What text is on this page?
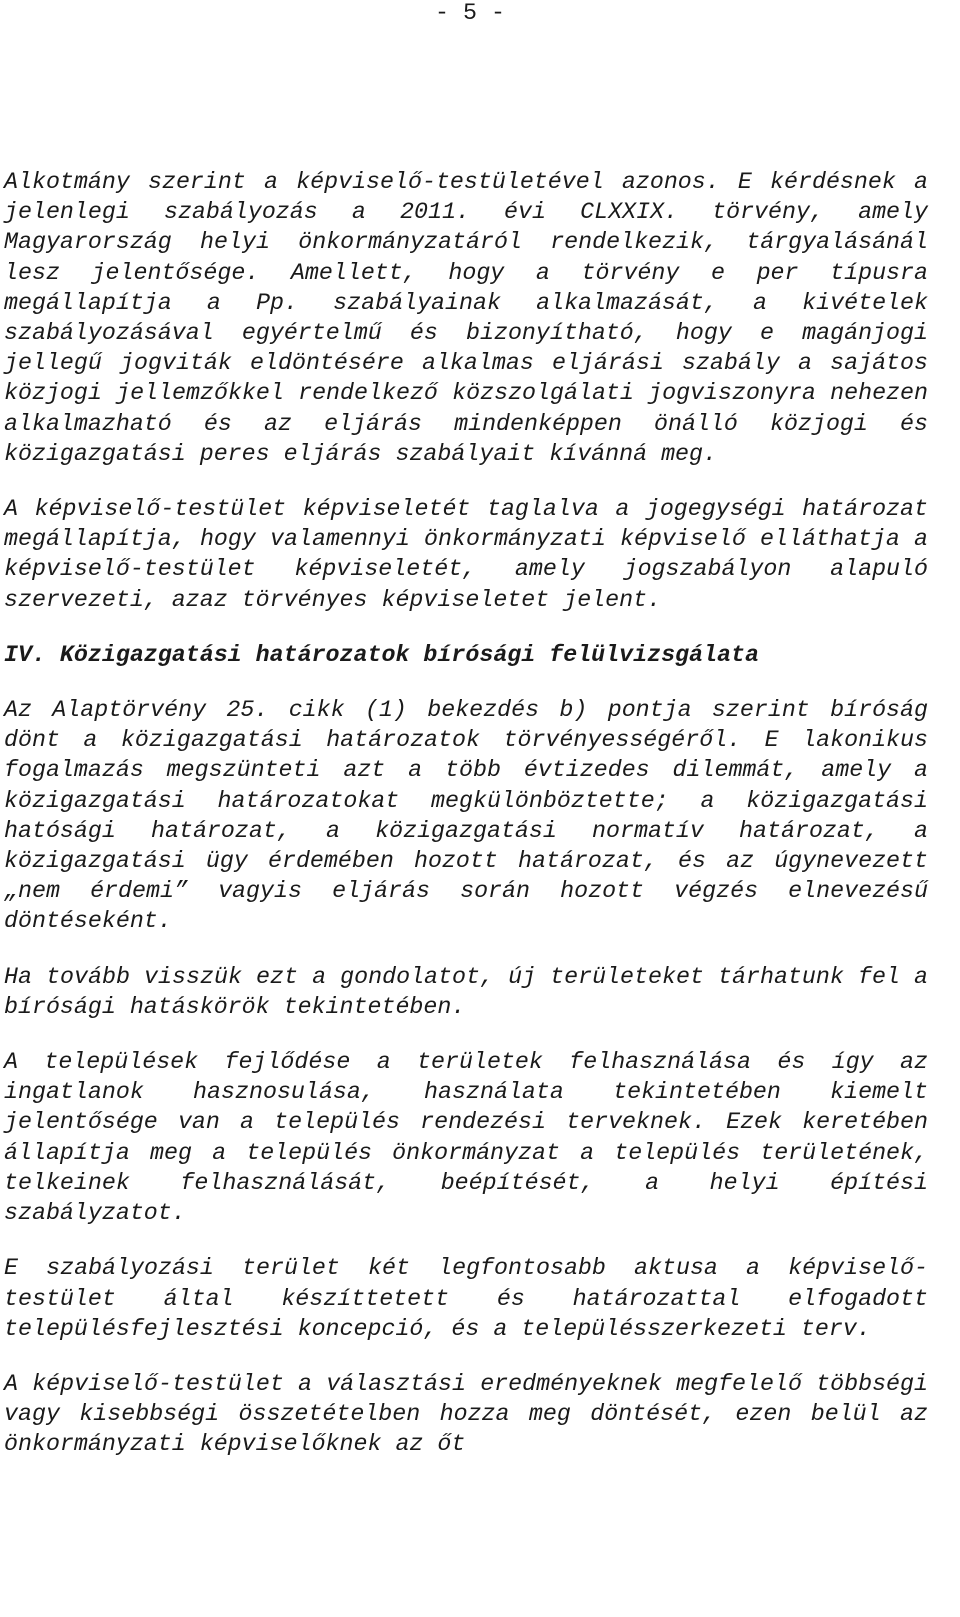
- 5 -

Alkotmány szerint a képviselő-testületével azonos. E kérdésnek a jelenlegi szabályozás a 2011. évi CLXXIX. törvény, amely Magyarország helyi önkormányzatáról rendelkezik, tárgyalásánál lesz jelentősége. Amellett, hogy a törvény e per típusra megállapítja a Pp. szabályainak alkalmazását, a kivételek szabályozásával egyértelmű és bizonyítható, hogy e magánjogi jellegű jogviták eldöntésére alkalmas eljárási szabály a sajátos közjogi jellemzőkkel rendelkező közszolgálati jogviszonyra nehezen alkalmazható és az eljárás mindenképpen önálló közjogi és közigazgatási peres eljárás szabályait kívánná meg.

A képviselő-testület képviseletét taglalva a jogegységi határozat megállapítja, hogy valamennyi önkormányzati képviselő elláthatja a képviselő-testület képviseletét, amely jogszabályon alapuló szervezeti, azaz törvényes képviseletet jelent.

IV. Közigazgatási határozatok bírósági felülvizsgálata

Az Alaptörvény 25. cikk (1) bekezdés b) pontja szerint bíróság dönt a közigazgatási határozatok törvényességéről. E lakonikus fogalmazás megszünteti azt a több évtizedes dilemmát, amely a közigazgatási határozatokat megkülönböztette; a közigazgatási hatósági határozat, a közigazgatási normatív határozat, a közigazgatási ügy érdemében hozott határozat, és az úgynevezett „nem érdemi” vagyis eljárás során hozott végzés elnevezésű döntéseként.

Ha tovább visszük ezt a gondolatot, új területeket tárhatunk fel a bírósági hatáskörök tekintetében.

A települések fejlődése a területek felhasználása és így az ingatlanok hasznosulása, használata tekintetében kiemelt jelentősége van a település rendezési terveknek. Ezek keretében állapítja meg a település önkormányzat a település területének, telkeinek felhasználását, beépítését, a helyi építési szabályzatot.

E szabályozási terület két legfontosabb aktusa a képviselő-testület által készíttetett és határozattal elfogadott településfejlesztési koncepció, és a településszerkezeti terv.

A képviselő-testület a választási eredményeknek megfelelő többségi vagy kisebbségi összetételben hozza meg döntését, ezen belül az önkormányzati képviselőknek az őt
